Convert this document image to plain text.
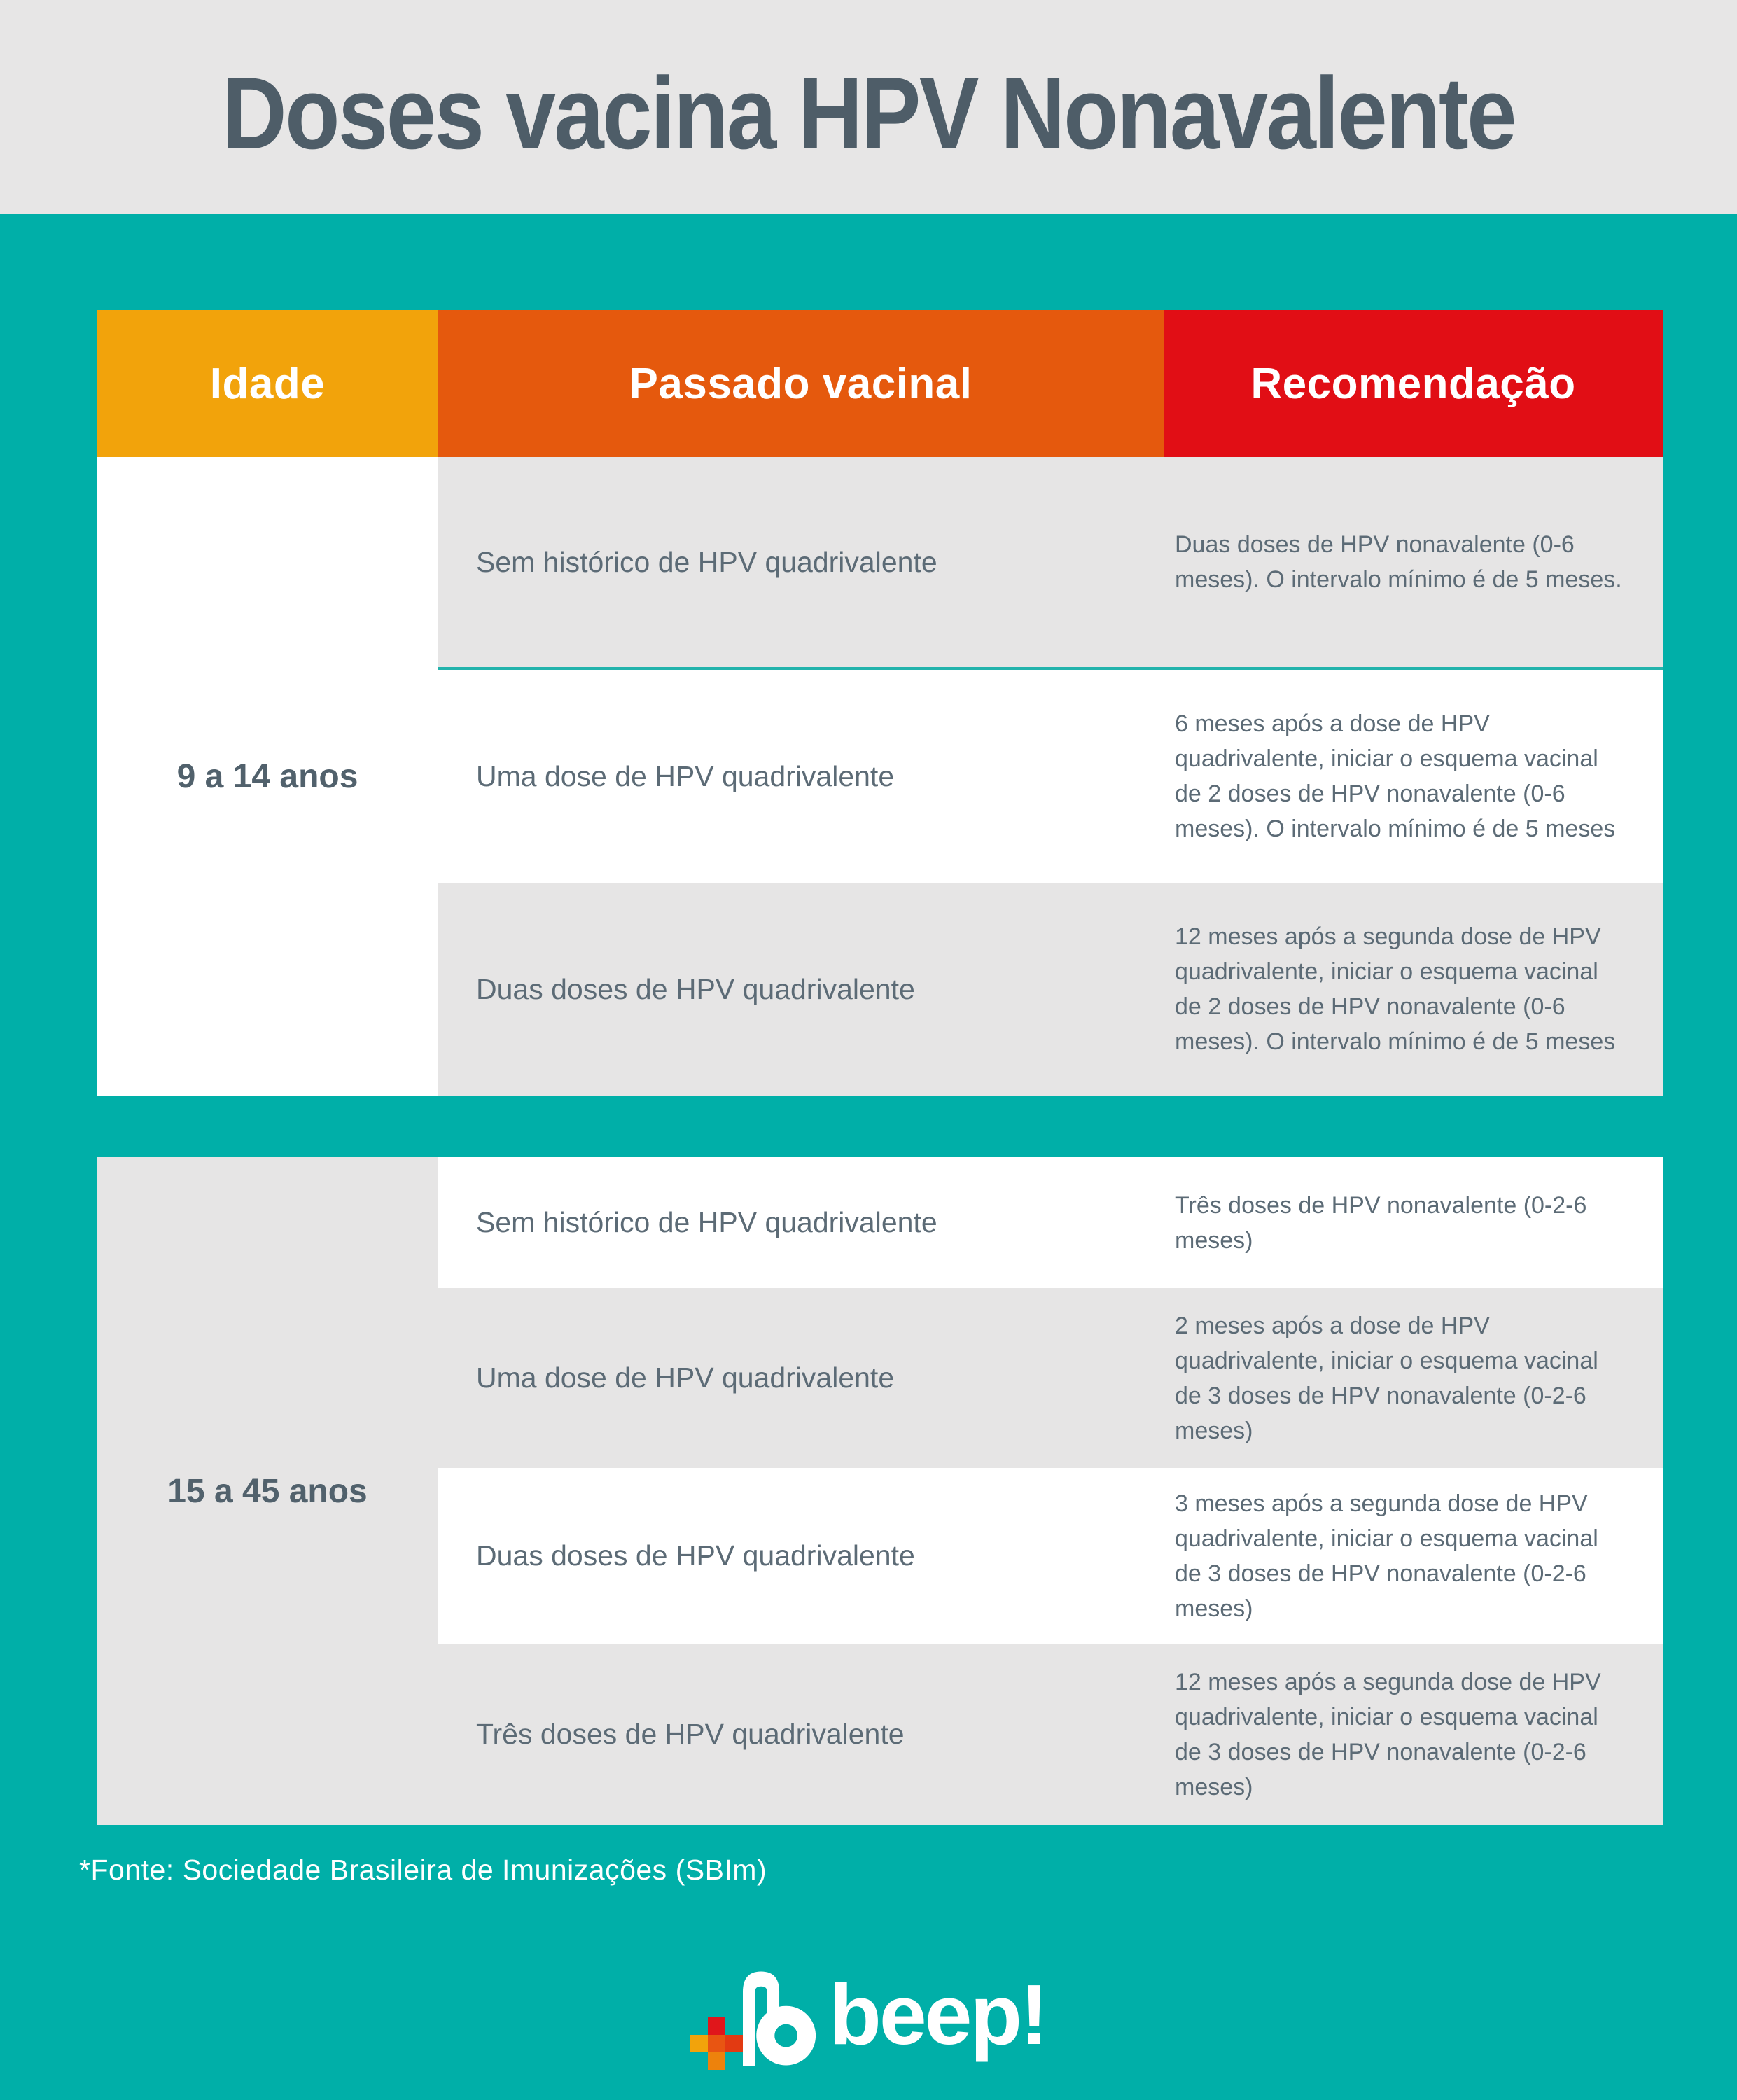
Doses vacina HPV Nonavalente
Idade	Passado vacinal	Recomendação
9 a 14 anos
Sem histórico de HPV quadrivalente
Duas doses de HPV nonavalente (0-6 meses). O intervalo mínimo é de 5 meses.
Uma dose de HPV quadrivalente
6 meses após a dose de HPV quadrivalente, iniciar o esquema vacinal de 2 doses de HPV nonavalente (0-6 meses). O intervalo mínimo é de 5 meses
Duas doses de HPV quadrivalente
12 meses após a segunda dose de HPV quadrivalente, iniciar o esquema vacinal de 2 doses de HPV nonavalente (0-6 meses). O intervalo mínimo é de 5 meses
15 a 45 anos
Sem histórico de HPV quadrivalente
Três doses de HPV nonavalente (0-2-6 meses)
Uma dose de HPV quadrivalente
2 meses após a dose de HPV quadrivalente, iniciar o esquema vacinal de 3 doses de HPV nonavalente (0-2-6 meses)
Duas doses de HPV quadrivalente
3 meses após a segunda dose de HPV quadrivalente, iniciar o esquema vacinal de 3 doses de HPV nonavalente (0-2-6 meses)
Três doses de HPV quadrivalente
12 meses após a segunda dose de HPV quadrivalente, iniciar o esquema vacinal de 3 doses de HPV nonavalente (0-2-6 meses)
*Fonte: Sociedade Brasileira de Imunizações (SBIm)
beep!
